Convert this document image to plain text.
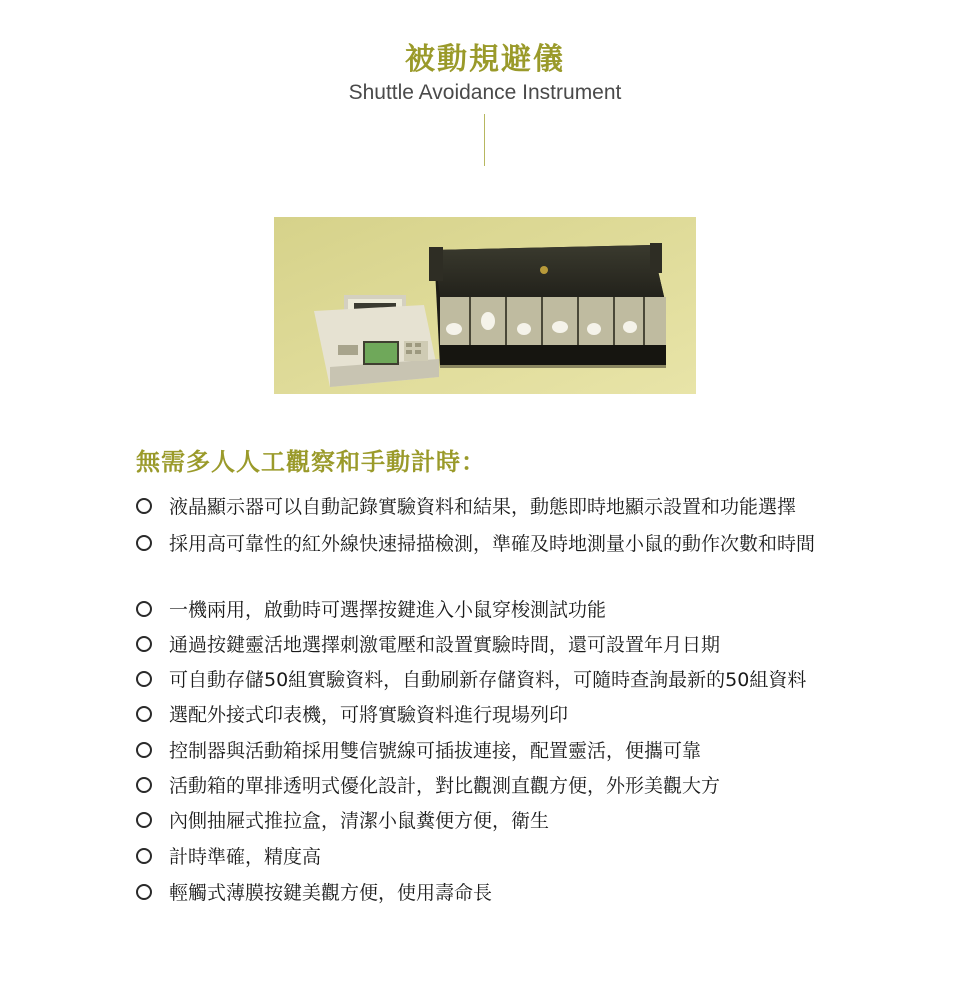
被動規避儀
Shuttle Avoidance Instrument
無需多人人工觀察和手動計時：
液晶顯示器可以自動記錄實驗資料和結果，動態即時地顯示設置和功能選擇
採用高可靠性的紅外線快速掃描檢測，準確及時地測量小鼠的動作次數和時間
一機兩用，啟動時可選擇按鍵進入小鼠穿梭測試功能
通過按鍵靈活地選擇刺激電壓和設置實驗時間，還可設置年月日期
可自動存儲50組實驗資料，自動刷新存儲資料，可隨時查詢最新的50組資料
選配外接式印表機，可將實驗資料進行現場列印
控制器與活動箱採用雙信號線可插拔連接，配置靈活，便攜可靠
活動箱的單排透明式優化設計，對比觀測直觀方便，外形美觀大方
內側抽屜式推拉盒，清潔小鼠糞便方便，衛生
計時準確，精度高
輕觸式薄膜按鍵美觀方便，使用壽命長
